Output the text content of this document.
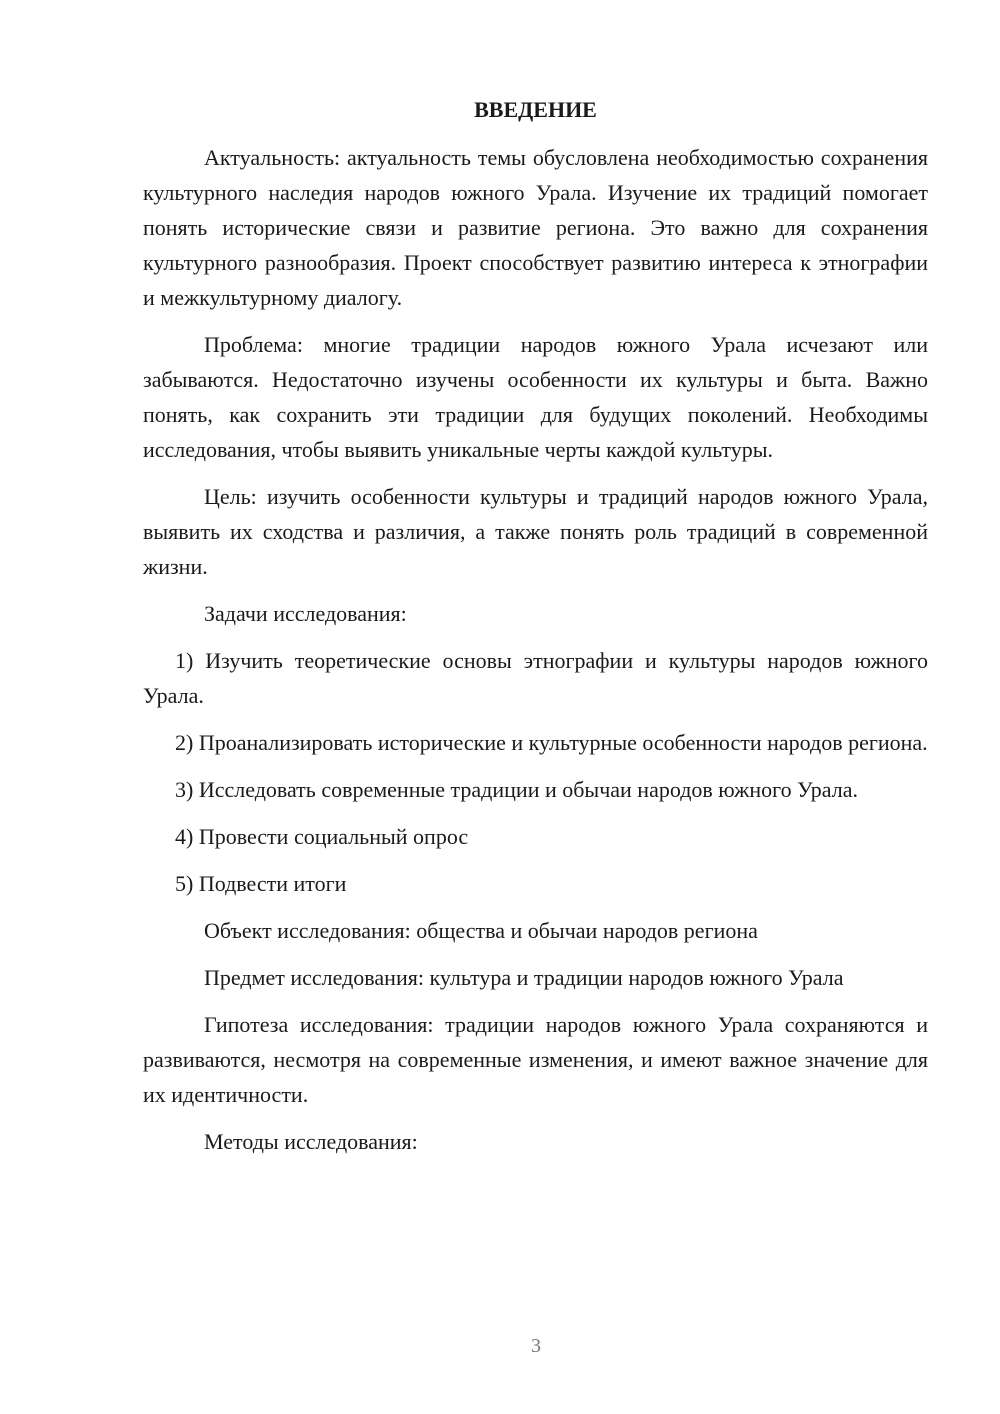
ВВЕДЕНИЕ

Актуальность: актуальность темы обусловлена необходимостью сохранения культурного наследия народов южного Урала. Изучение их традиций помогает понять исторические связи и развитие региона. Это важно для сохранения культурного разнообразия. Проект способствует развитию интереса к этнографии и межкультурному диалогу.

Проблема: многие традиции народов южного Урала исчезают или забываются. Недостаточно изучены особенности их культуры и быта. Важно понять, как сохранить эти традиции для будущих поколений. Необходимы исследования, чтобы выявить уникальные черты каждой культуры.

Цель: изучить особенности культуры и традиций народов южного Урала, выявить их сходства и различия, а также понять роль традиций в современной жизни.

Задачи исследования:

1) Изучить теоретические основы этнографии и культуры народов южного Урала.

2) Проанализировать исторические и культурные особенности народов региона.

3) Исследовать современные традиции и обычаи народов южного Урала.

4) Провести социальный опрос

5) Подвести итоги

Объект исследования: общества и обычаи народов региона

Предмет исследования: культура и традиции народов южного Урала

Гипотеза исследования: традиции народов южного Урала сохраняются и развиваются, несмотря на современные изменения, и имеют важное значение для их идентичности.

Методы исследования:

3
